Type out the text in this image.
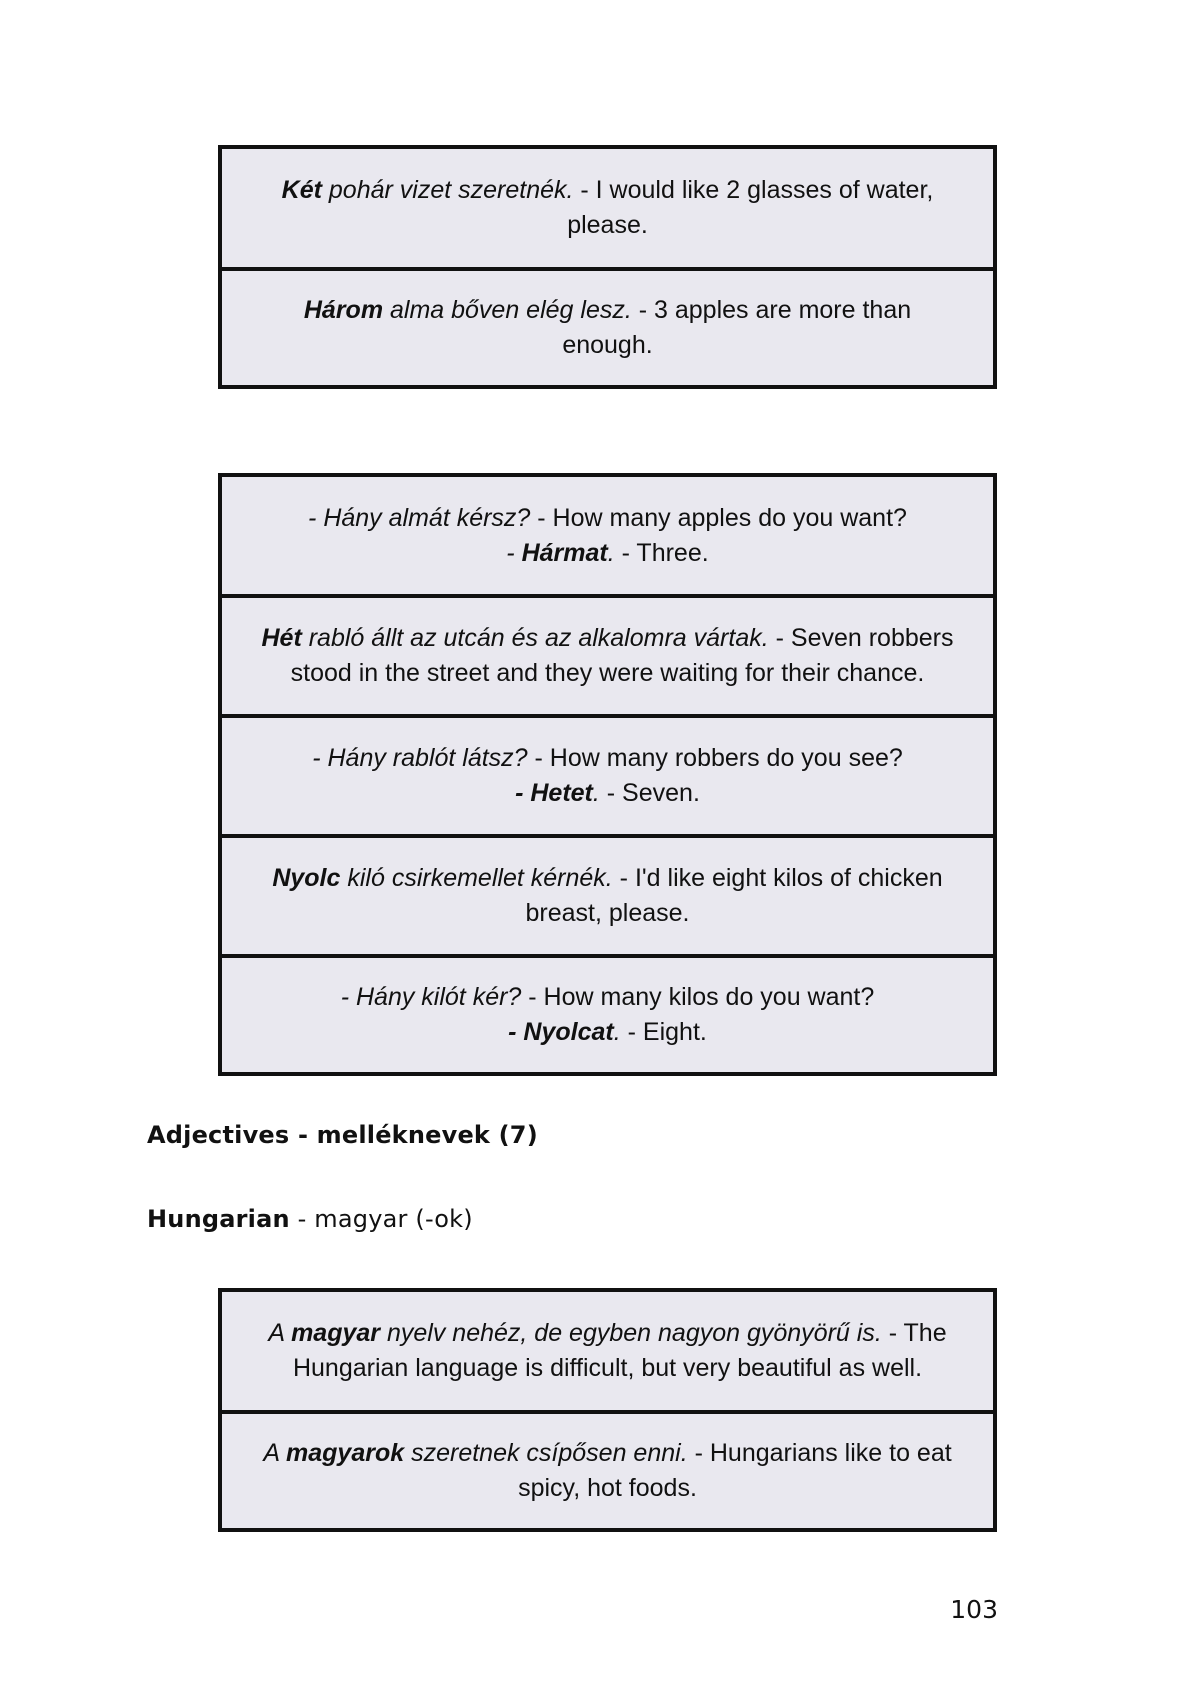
Két pohár vizet szeretnék. - I would like 2 glasses of water,

please.

Három alma bőven elég lesz. - 3 apples are more than

enough.

- Hány almát kérsz? - How many apples do you want?

- Hármat. - Three.

Hét rabló állt az utcán és az alkalomra vártak. - Seven robbers

stood in the street and they were waiting for their chance.

- Hány rablót látsz? - How many robbers do you see?

- Hetet. - Seven.

Nyolc kiló csirkemellet kérnék. - I'd like eight kilos of chicken

breast, please.

- Hány kilót kér? - How many kilos do you want?

- Nyolcat. - Eight.

Adjectives - melléknevek (7)

Hungarian - magyar (-ok)

A magyar nyelv nehéz, de egyben nagyon gyönyörű is. - The

Hungarian language is difficult, but very beautiful as well.

A magyarok szeretnek csípősen enni. - Hungarians like to eat

spicy, hot foods.

103
